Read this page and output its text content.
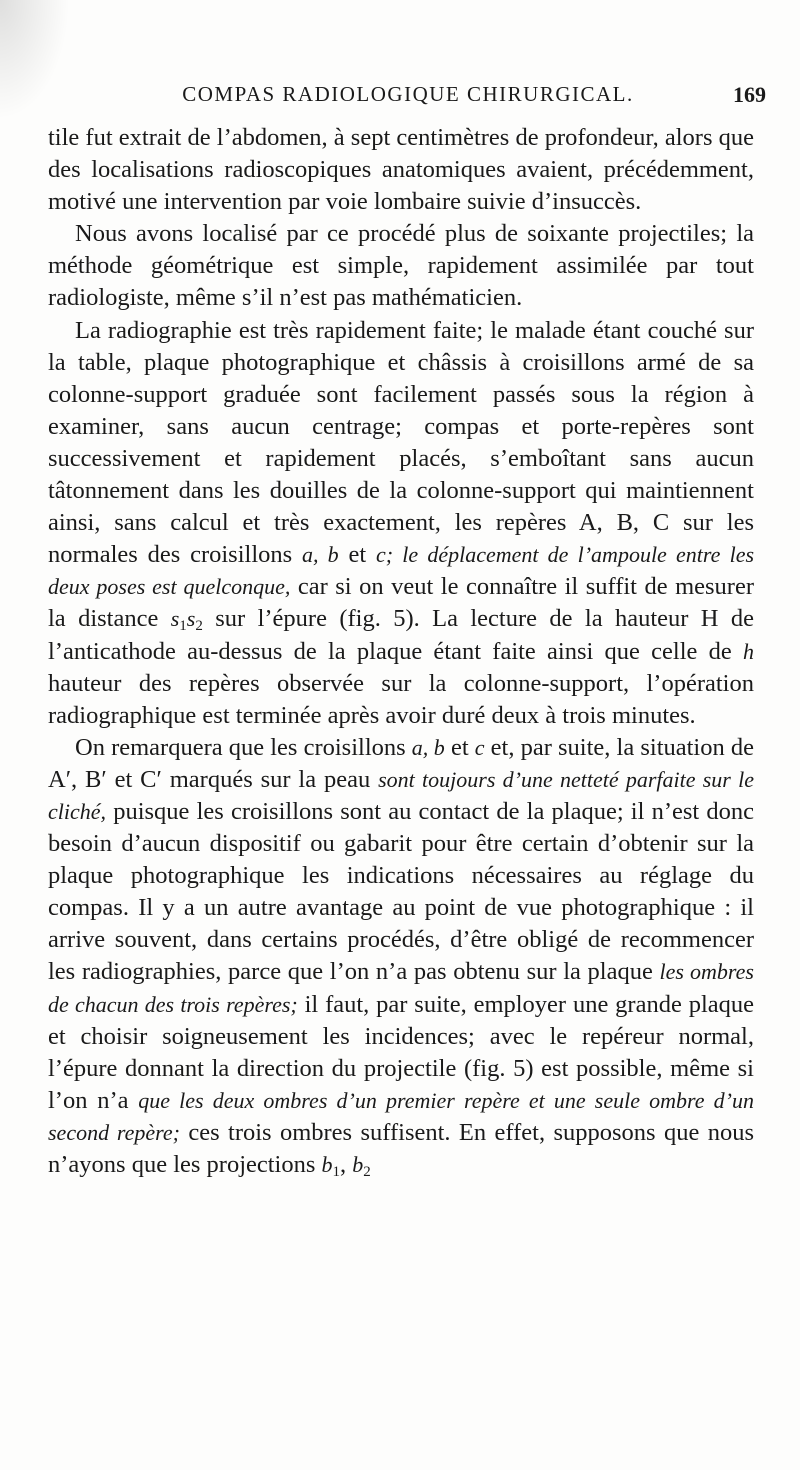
COMPAS RADIOLOGIQUE CHIRURGICAL.	169

tile fut extrait de l’abdomen, à sept centimètres de profondeur, alors que des localisations radioscopiques anatomiques avaient, précédemment, motivé une intervention par voie lombaire suivie d’insuccès.

Nous avons localisé par ce procédé plus de soixante projectiles; la méthode géométrique est simple, rapidement assimilée par tout radiologiste, même s’il n’est pas mathématicien.

La radiographie est très rapidement faite; le malade étant couché sur la table, plaque photographique et châssis à croisillons armé de sa colonne-support graduée sont facilement passés sous la région à examiner, sans aucun centrage; compas et porte-repères sont successivement et rapidement placés, s’emboîtant sans aucun tâtonnement dans les douilles de la colonne-support qui maintiennent ainsi, sans calcul et très exactement, les repères A, B, C sur les normales des croisillons a, b et c; le déplacement de l’ampoule entre les deux poses est quelconque, car si on veut le connaître il suffit de mesurer la distance $s_1s_2$ sur l’épure (fig. 5). La lecture de la hauteur H de l’anticathode au-dessus de la plaque étant faite ainsi que celle de h hauteur des repères observée sur la colonne-support, l’opération radiographique est terminée après avoir duré deux à trois minutes.

On remarquera que les croisillons a, b et c et, par suite, la situation de A′, B′ et C′ marqués sur la peau sont toujours d’une netteté parfaite sur le cliché, puisque les croisillons sont au contact de la plaque; il n’est donc besoin d’aucun dispositif ou gabarit pour être certain d’obtenir sur la plaque photographique les indications nécessaires au réglage du compas. Il y a un autre avantage au point de vue photographique : il arrive souvent, dans certains procédés, d’être obligé de recommencer les radiographies, parce que l’on n’a pas obtenu sur la plaque les ombres de chacun des trois repères; il faut, par suite, employer une grande plaque et choisir soigneusement les incidences; avec le repéreur normal, l’épure donnant la direction du projectile (fig. 5) est possible, même si l’on n’a que les deux ombres d’un premier repère et une seule ombre d’un second repère; ces trois ombres suffisent. En effet, supposons que nous n’ayons que les projections $b_1$, $b_2$
